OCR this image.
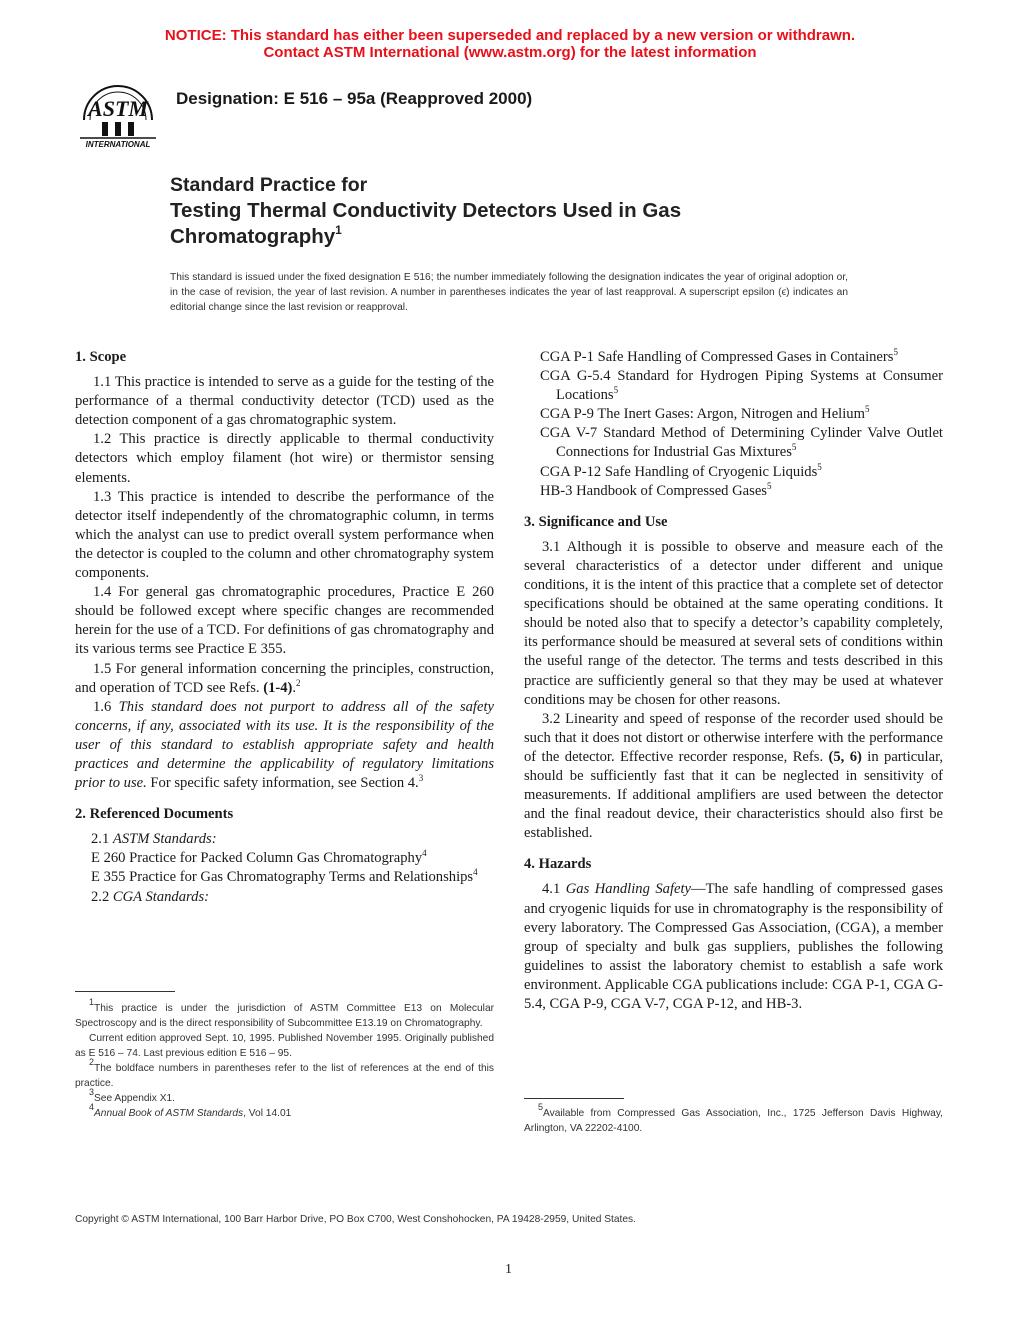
NOTICE: This standard has either been superseded and replaced by a new version or withdrawn.
Contact ASTM International (www.astm.org) for the latest information
ASTM
INTERNATIONAL
Designation: E 516 – 95a (Reapproved 2000)
Standard Practice for
Testing Thermal Conductivity Detectors Used in Gas
Chromatography$^1$
This standard is issued under the fixed designation E 516; the number immediately following the designation indicates the year of original adoption or, in the case of revision, the year of last revision. A number in parentheses indicates the year of last reapproval. A superscript epsilon (ϵ) indicates an editorial change since the last revision or reapproval.
1. Scope

1.1 This practice is intended to serve as a guide for the testing of the performance of a thermal conductivity detector (TCD) used as the detection component of a gas chromatographic system.

1.2 This practice is directly applicable to thermal conductivity detectors which employ filament (hot wire) or thermistor sensing elements.

1.3 This practice is intended to describe the performance of the detector itself independently of the chromatographic column, in terms which the analyst can use to predict overall system performance when the detector is coupled to the column and other chromatography system components.

1.4 For general gas chromatographic procedures, Practice E 260 should be followed except where specific changes are recommended herein for the use of a TCD. For definitions of gas chromatography and its various terms see Practice E 355.

1.5 For general information concerning the principles, construction, and operation of TCD see Refs. (1-4).$^2$

1.6 This standard does not purport to address all of the safety concerns, if any, associated with its use. It is the responsibility of the user of this standard to establish appropriate safety and health practices and determine the applicability of regulatory limitations prior to use. For specific safety information, see Section 4.$^3$

2. Referenced Documents
2.1 ASTM Standards:
E 260 Practice for Packed Column Gas Chromatography$^4$
E 355 Practice for Gas Chromatography Terms and Relationships$^4$
2.2 CGA Standards:

$^1$This practice is under the jurisdiction of ASTM Committee E13 on Molecular Spectroscopy and is the direct responsibility of Subcommittee E13.19 on Chromatography.

Current edition approved Sept. 10, 1995. Published November 1995. Originally published as E 516 – 74. Last previous edition E 516 – 95.

$^2$The boldface numbers in parentheses refer to the list of references at the end of this practice.

$^3$See Appendix X1.

$^4$Annual Book of ASTM Standards, Vol 14.01

CGA P-1 Safe Handling of Compressed Gases in Containers$^5$
CGA G-5.4 Standard for Hydrogen Piping Systems at Consumer Locations$^5$
CGA P-9 The Inert Gases: Argon, Nitrogen and Helium$^5$
CGA V-7 Standard Method of Determining Cylinder Valve Outlet Connections for Industrial Gas Mixtures$^5$
CGA P-12 Safe Handling of Cryogenic Liquids$^5$
HB-3 Handbook of Compressed Gases$^5$
3. Significance and Use

3.1 Although it is possible to observe and measure each of the several characteristics of a detector under different and unique conditions, it is the intent of this practice that a complete set of detector specifications should be obtained at the same operating conditions. It should be noted also that to specify a detector’s capability completely, its performance should be measured at several sets of conditions within the useful range of the detector. The terms and tests described in this practice are sufficiently general so that they may be used at whatever conditions may be chosen for other reasons.

3.2 Linearity and speed of response of the recorder used should be such that it does not distort or otherwise interfere with the performance of the detector. Effective recorder response, Refs. (5, 6) in particular, should be sufficiently fast that it can be neglected in sensitivity of measurements. If additional amplifiers are used between the detector and the final readout device, their characteristics should also first be established.

4. Hazards

4.1 Gas Handling Safety—The safe handling of compressed gases and cryogenic liquids for use in chromatography is the responsibility of every laboratory. The Compressed Gas Association, (CGA), a member group of specialty and bulk gas suppliers, publishes the following guidelines to assist the laboratory chemist to establish a safe work environment. Applicable CGA publications include: CGA P-1, CGA G-5.4, CGA P-9, CGA V-7, CGA P-12, and HB-3.

$^5$Available from Compressed Gas Association, Inc., 1725 Jefferson Davis Highway, Arlington, VA 22202-4100.

Copyright © ASTM International, 100 Barr Harbor Drive, PO Box C700, West Conshohocken, PA 19428-2959, United States.
1
